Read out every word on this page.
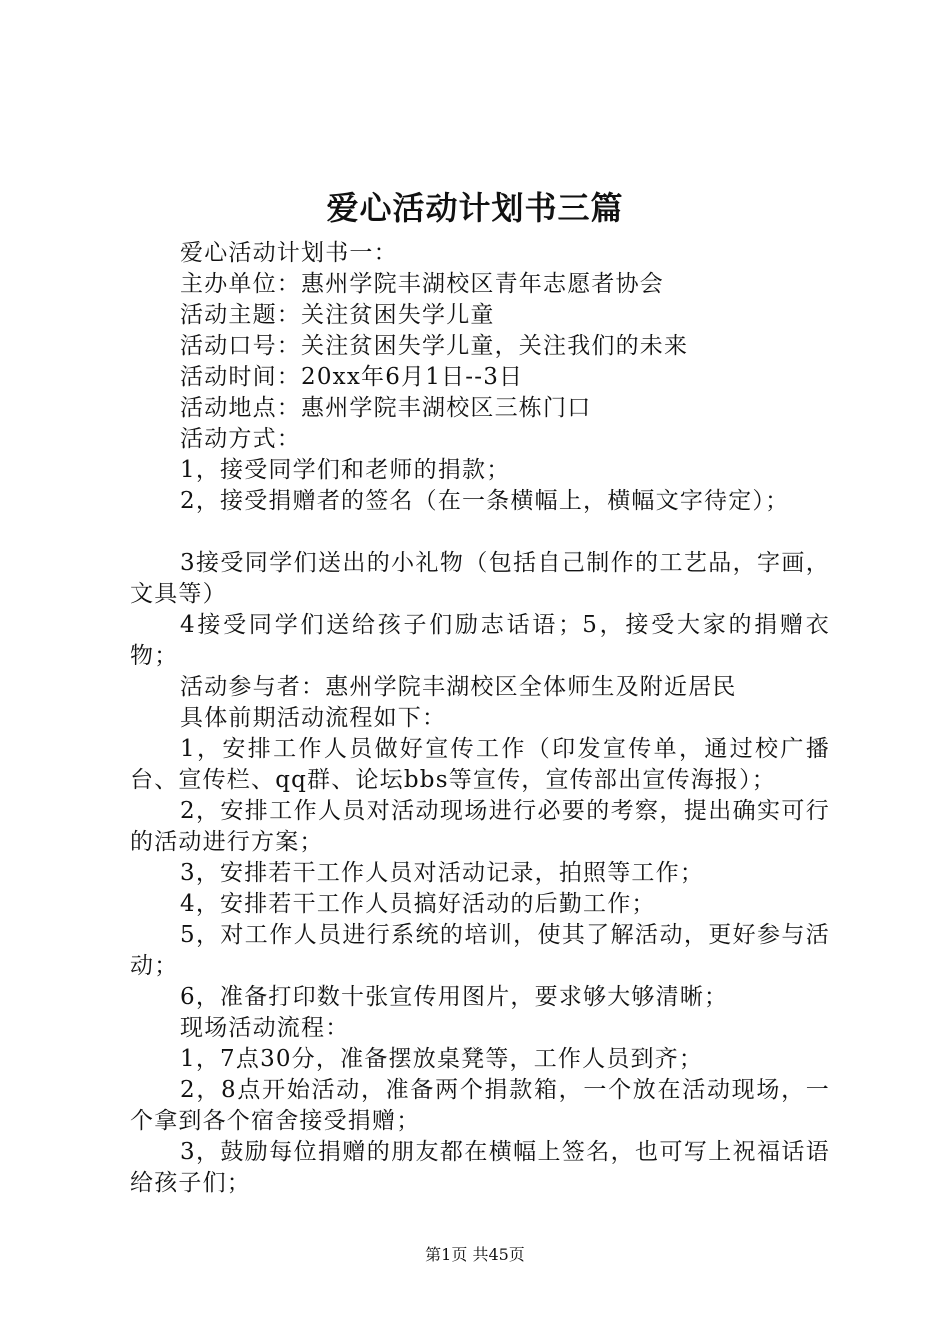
爱心活动计划书三篇

爱心活动计划书一：

主办单位：惠州学院丰湖校区青年志愿者协会

活动主题：关注贫困失学儿童

活动口号：关注贫困失学儿童，关注我们的未来

活动时间：20xx年6月1日--3日

活动地点：惠州学院丰湖校区三栋门口

活动方式：

1，接受同学们和老师的捐款；

2，接受捐赠者的签名（在一条横幅上，横幅文字待定）；

3接受同学们送出的小礼物（包括自己制作的工艺品，字画，文具等）

4接受同学们送给孩子们励志话语；5，接受大家的捐赠衣物；

活动参与者：惠州学院丰湖校区全体师生及附近居民

具体前期活动流程如下：

1，安排工作人员做好宣传工作（印发宣传单，通过校广播台、宣传栏、qq群、论坛bbs等宣传，宣传部出宣传海报）；

2，安排工作人员对活动现场进行必要的考察，提出确实可行的活动进行方案；

3，安排若干工作人员对活动记录，拍照等工作；

4，安排若干工作人员搞好活动的后勤工作；

5，对工作人员进行系统的培训，使其了解活动，更好参与活动；

6，准备打印数十张宣传用图片，要求够大够清晰；

现场活动流程：

1，7点30分，准备摆放桌凳等，工作人员到齐；

2，8点开始活动，准备两个捐款箱，一个放在活动现场，一个拿到各个宿舍接受捐赠；

3，鼓励每位捐赠的朋友都在横幅上签名，也可写上祝福话语给孩子们；

第1页 共45页
